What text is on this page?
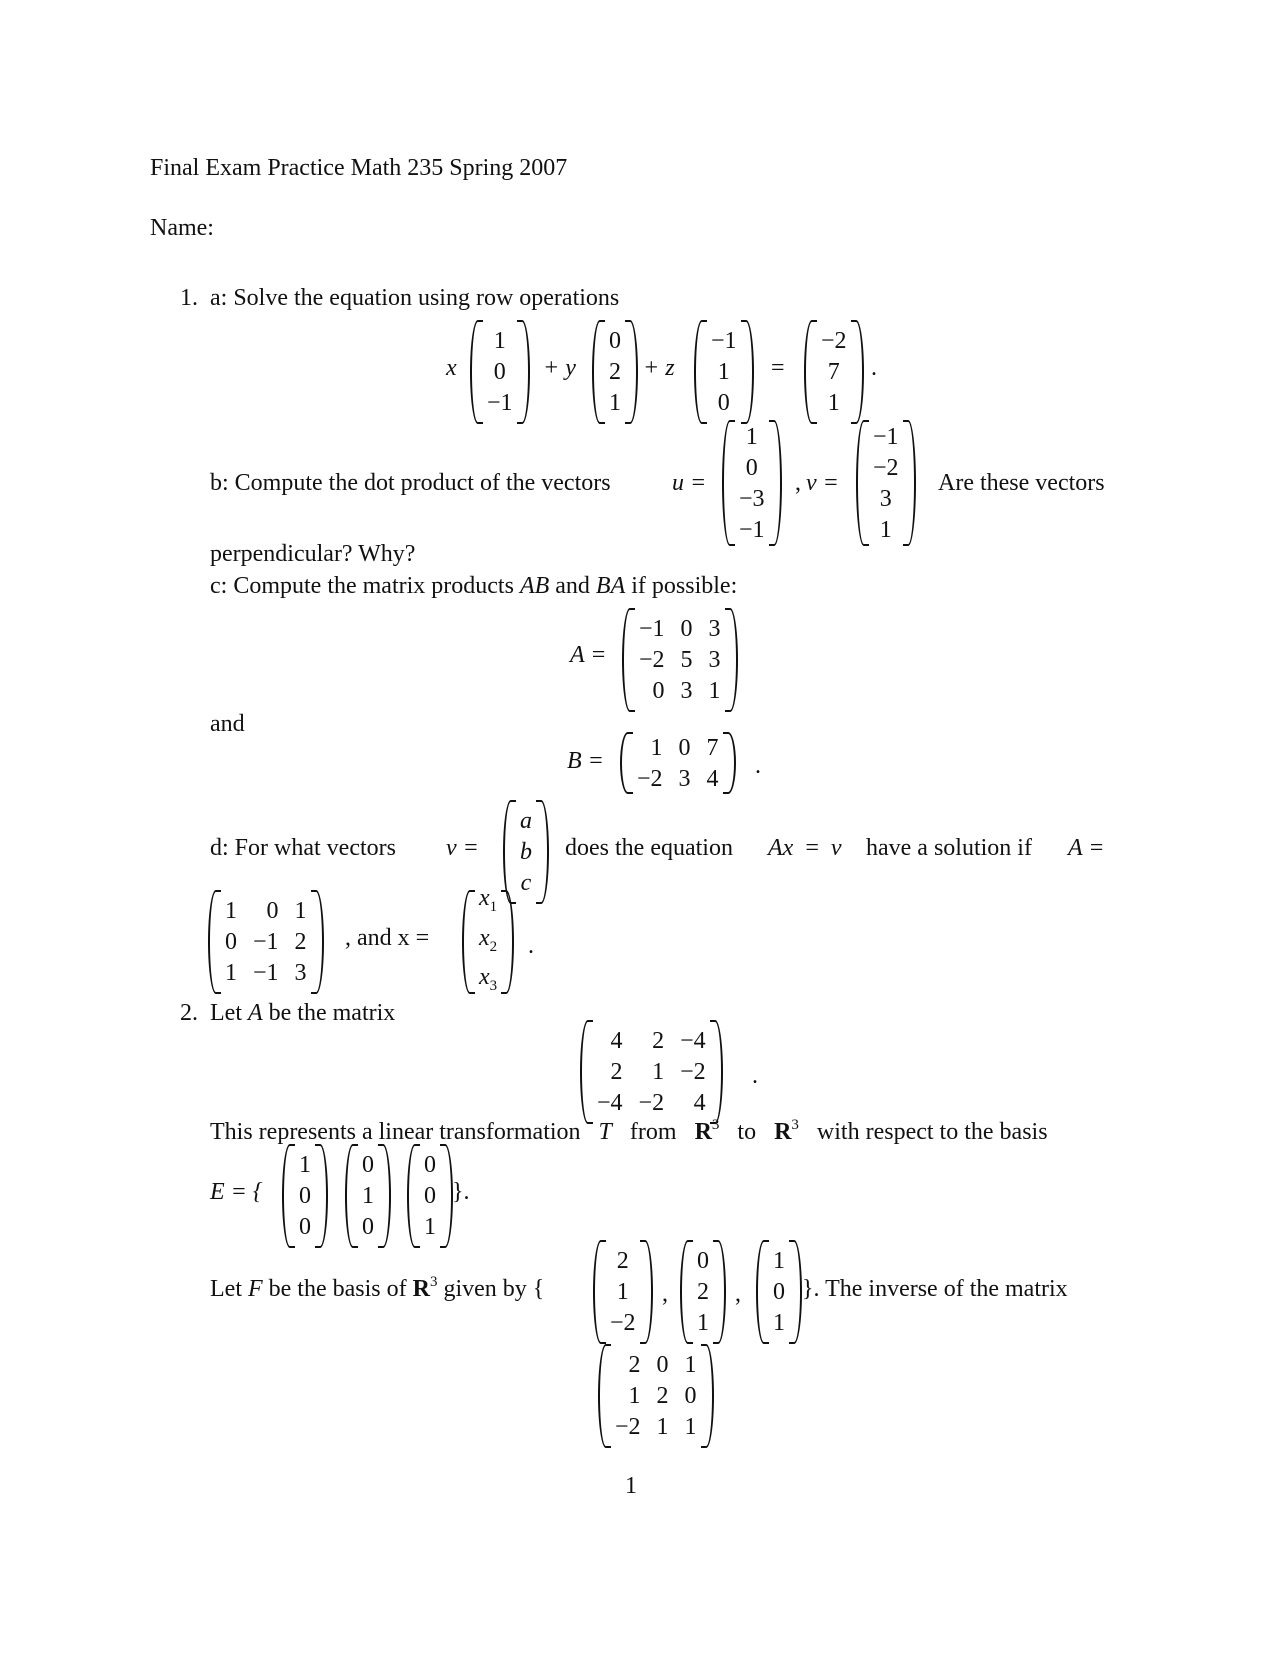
Final Exam Practice Math 235 Spring 2007
Name:
1. a: Solve the equation using row operations
x
1
0
−1
+ y
0
2
1
+ z
−1
1
0
=
−2
7
1
.
b: Compute the dot product of the vectors	u =
1
0
−3
−1
, v =
−1
−2
3
1
Are these vectors
perpendicular? Why?
c: Compute the matrix products AB and BA if possible:
A =
−1 0 3
−2 5 3
0 3 1
and
B =
1 0 7
−2 3 4 .
d: For what vectors v =
a
b
c
does the equation Ax = v have a solution if A =
1 0 1
0 −1 2
1 −1 3
, and x =
$x_1$
$x_2$
$x_3$
.
2. Let A be the matrix
4 2 −4
2 1 −2
−4 −2 4
.
This represents a linear transformation T from $R^3$ to $R^3$ with respect to the basis
E = {
1
0
0
0
1
0
0
0
1
}.
Let F be the basis of $R^3$ given by {
2
1
−2
,
0
2
1
,
1
0
1
}. The inverse of the matrix
2 0 1
1 2 0
−2 1 1
1
